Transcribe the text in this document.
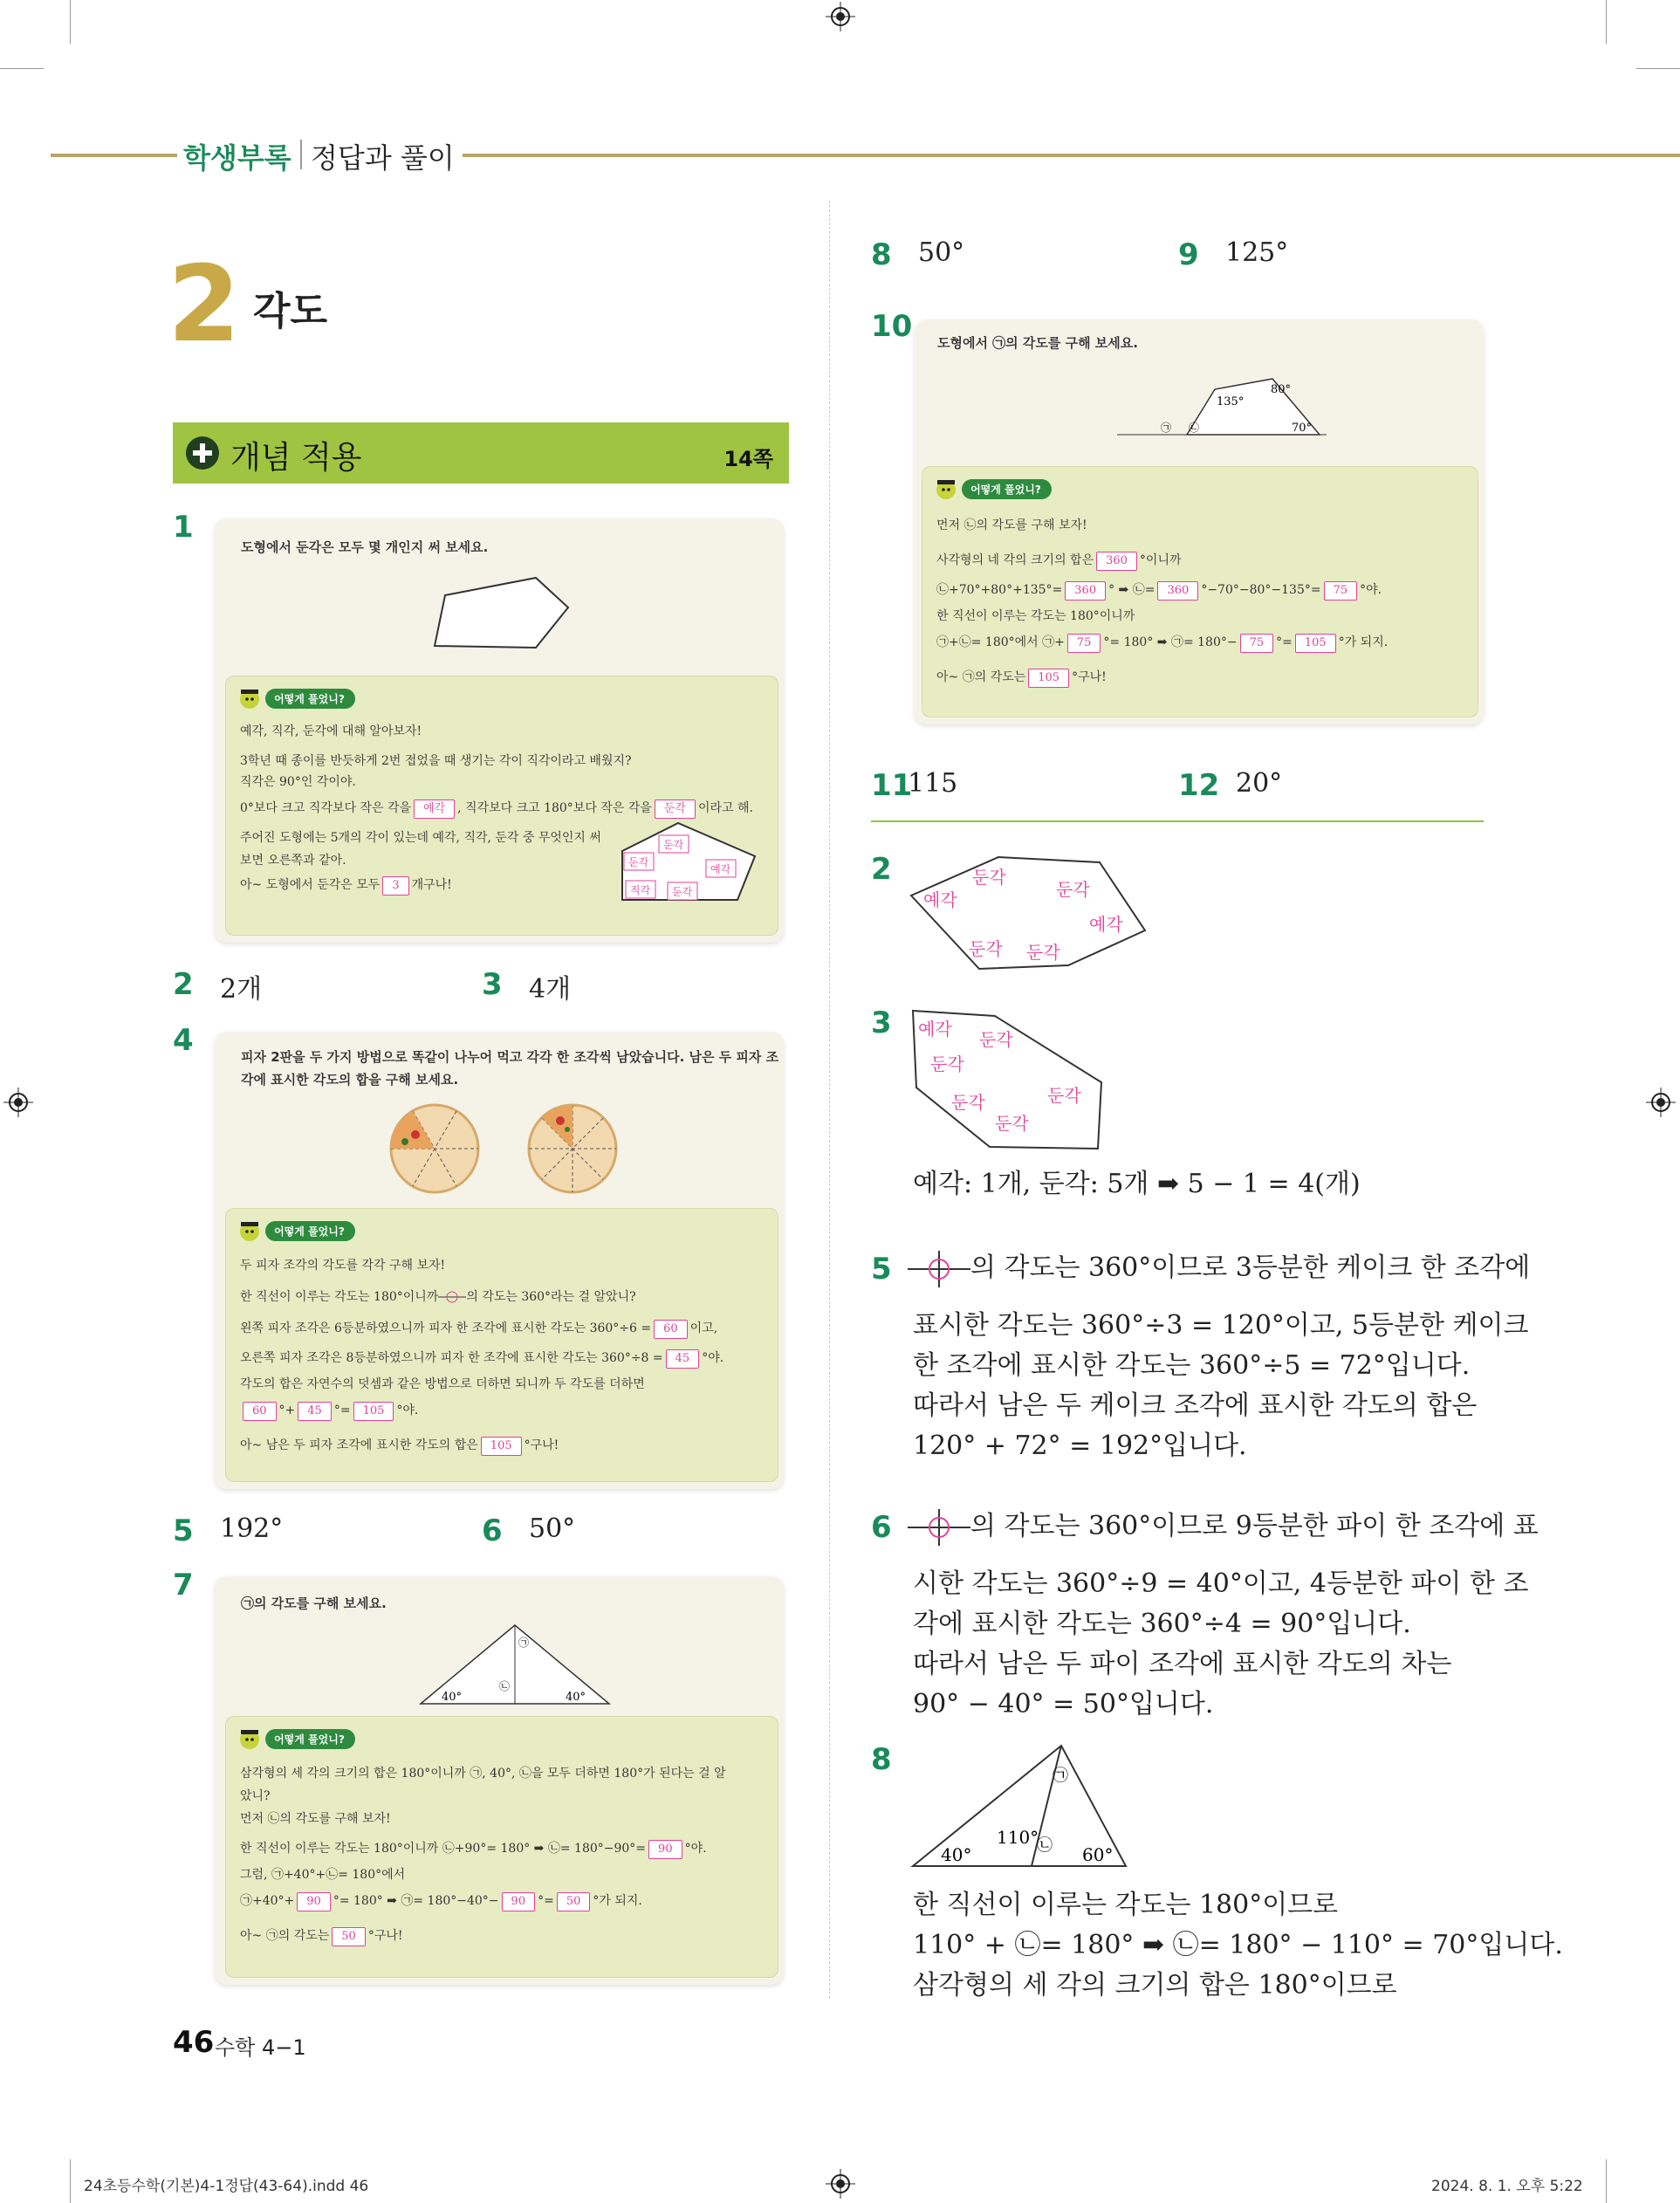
학생부록 정답과 풀이
2 각도
개념 적용	14쪽
1
도형에서 둔각은 모두 몇 개인지 써 보세요.
어떻게 풀었니?
예각, 직각, 둔각에 대해 알아보자!
3학년 때 종이를 반듯하게 2번 접었을 때 생기는 각이 직각이라고 배웠지?
직각은 90°인 각이야.
0°보다 크고 직각보다 작은 각을 예각 , 직각보다 크고 180°보다 작은 각을 둔각 이라고 해.
주어진 도형에는 5개의 각이 있는데 예각, 직각, 둔각 중 무엇인지 써
보면 오른쪽과 같아.
아~ 도형에서 둔각은 모두 3 개구나!
둔각
둔각
예각
직각 둔각
2 2개	3 4개
4	피자 2판을 두 가지 방법으로 똑같이 나누어 먹고 각각 한 조각씩 남았습니다. 남은 두 피자 조
각에 표시한 각도의 합을 구해 보세요.
어떻게 풀었니?
두 피자 조각의 각도를 각각 구해 보자!
한 직선이 이루는 각도는 180°이니까 의 각도는 360°라는 걸 알았니?
왼쪽 피자 조각은 6등분하였으니까 피자 한 조각에 표시한 각도는 360°÷6 = 60 이고,
오른쪽 피자 조각은 8등분하였으니까 피자 한 조각에 표시한 각도는 360°÷8 = 45 °야.
각도의 합은 자연수의 덧셈과 같은 방법으로 더하면 되니까 두 각도를 더하면
60 °+ 45 °= 105 °야.
아~ 남은 두 피자 조각에 표시한 각도의 합은 105 °구나!
5 192°	6 50°
7
㉠의 각도를 구해 보세요.
40°	40°
㉠
㉡
어떻게 풀었니?
삼각형의 세 각의 크기의 합은 180°이니까 ㉠, 40°, ㉡을 모두 더하면 180°가 된다는 걸 알
았니?
먼저 ㉡의 각도를 구해 보자!
한 직선이 이루는 각도는 180°이니까 ㉡+90°= 180° ➡ ㉡= 180°−90°= 90 °야.
그럼, ㉠+40°+㉡= 180°에서
㉠+40°+ 90 °= 180° ➡ ㉠= 180°−40°− 90 °= 50 °가 되지.
아~ ㉠의 각도는 50 °구나!
8 50°	9 125°
10 도형에서 ㉠의 각도를 구해 보세요.
80°
135°
70°
㉠ ㉡
어떻게 풀었니?
먼저 ㉡의 각도를 구해 보자!
사각형의 네 각의 크기의 합은 360 °이니까
㉡+70°+80°+135°= 360 ° ➡ ㉡= 360 °−70°−80°−135°= 75 °야.
한 직선이 이루는 각도는 180°이니까
㉠+㉡= 180°에서 ㉠+ 75 °= 180° ➡ ㉠= 180°− 75 °= 105 °가 되지.
아~ ㉠의 각도는 105 °구나!
11
115	12 20°
2
예각
둔각
둔각
예각
둔각 둔각
3 예각 둔각
둔각
둔각
둔각
둔각
예각: 1개, 둔각: 5개 ➡ 5 − 1 = 4(개)
5	의 각도는 360°이므로 3등분한 케이크 한 조각에
표시한 각도는 360°÷3 = 120°이고, 5등분한 케이크
한 조각에 표시한 각도는 360°÷5 = 72°입니다.
따라서 남은 두 케이크 조각에 표시한 각도의 합은
120° + 72° = 192°입니다.
6	의 각도는 360°이므로 9등분한 파이 한 조각에 표
시한 각도는 360°÷9 = 40°이고, 4등분한 파이 한 조
각에 표시한 각도는 360°÷4 = 90°입니다.
따라서 남은 두 파이 조각에 표시한 각도의 차는
90° − 40° = 50°입니다.
8
40°
110°
60°
㉠
㉡
한 직선이 이루는 각도는 180°이므로
110° + ㉡= 180° ➡ ㉡= 180° − 110° = 70°입니다.
삼각형의 세 각의 크기의 합은 180°이므로
46 수학 4−1
24초등수학(기본)4-1정답(43-64).indd 46	2024. 8. 1. 오후 5:22
